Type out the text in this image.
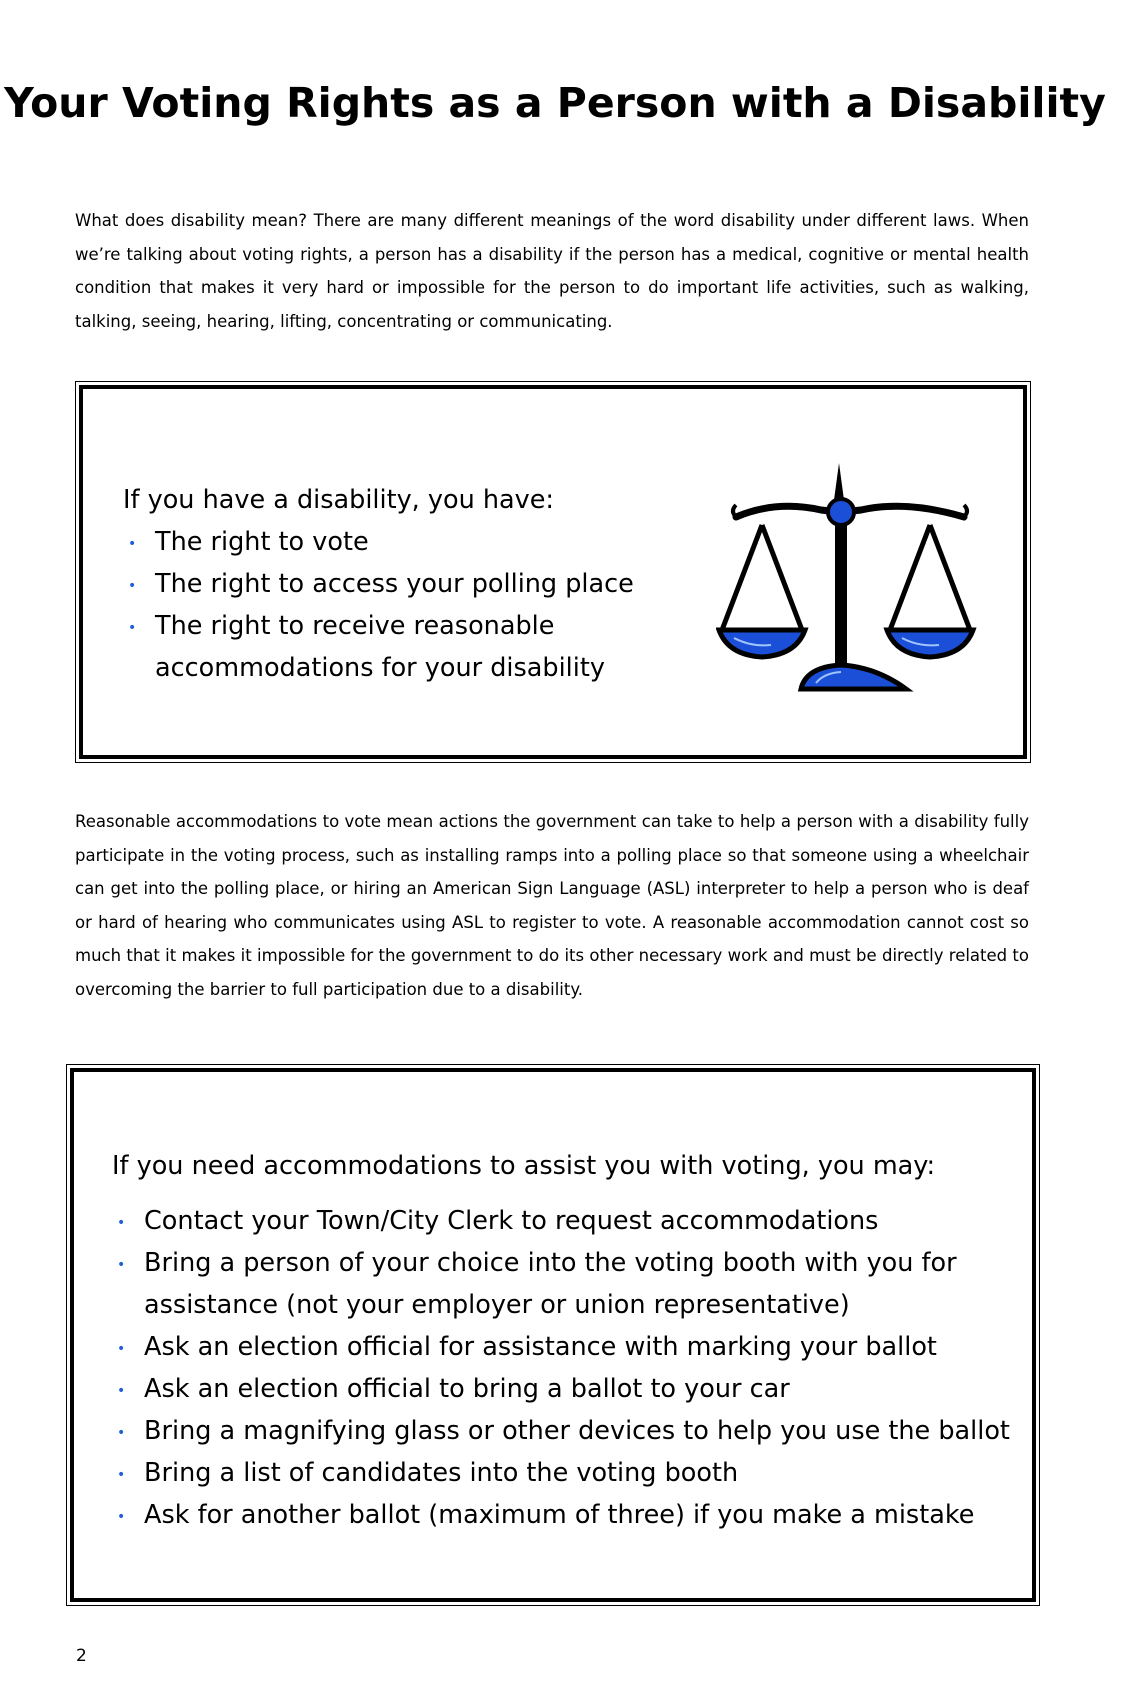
Your Voting Rights as a Person with a Disability

What does disability mean? There are many different meanings of the word disability under different laws. When we’re talking about voting rights, a person has a disability if the person has a medical, cognitive or mental health condition that makes it very hard or impossible for the person to do important life activities, such as walking, talking, seeing, hearing, lifting, concentrating or communicating.

If you have a disability, you have:

• The right to vote
• The right to access your polling place
• The right to receive reasonable accommodations for your disability

Reasonable accommodations to vote mean actions the government can take to help a person with a disability fully participate in the voting process, such as installing ramps into a polling place so that someone using a wheelchair can get into the polling place, or hiring an American Sign Language (ASL) interpreter to help a person who is deaf or hard of hearing who communicates using ASL to register to vote. A reasonable accommodation cannot cost so much that it makes it impossible for the government to do its other necessary work and must be directly related to overcoming the barrier to full participation due to a disability.

If you need accommodations to assist you with voting, you may:

• Contact your Town/City Clerk to request accommodations
• Bring a person of your choice into the voting booth with you for assistance (not your employer or union representative)
• Ask an election official for assistance with marking your ballot
• Ask an election official to bring a ballot to your car
• Bring a magnifying glass or other devices to help you use the ballot
• Bring a list of candidates into the voting booth
• Ask for another ballot (maximum of three) if you make a mistake

2
